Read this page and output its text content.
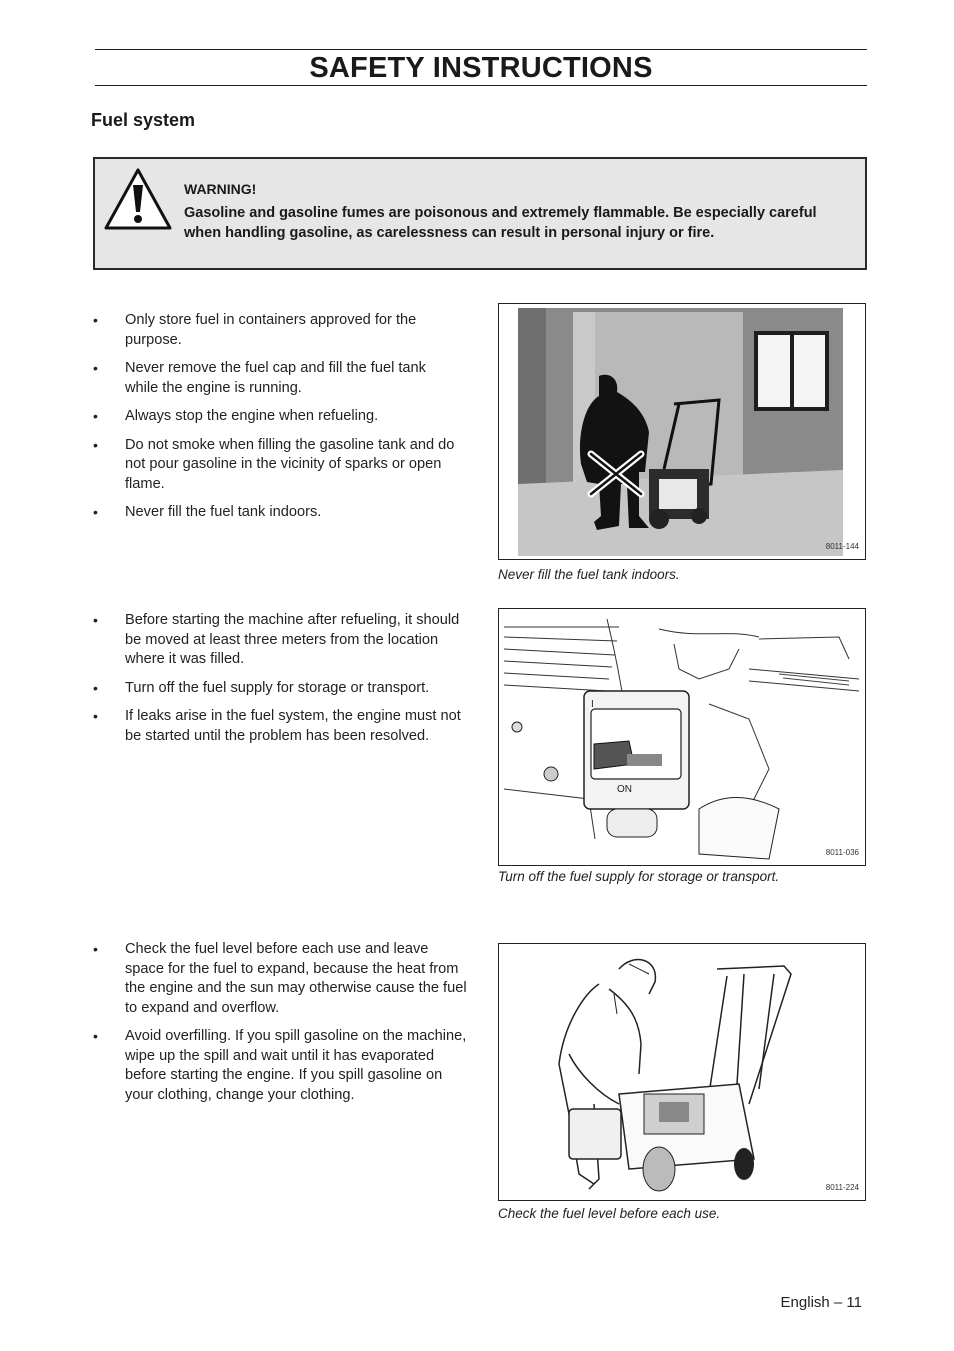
SAFETY INSTRUCTIONS
Fuel system
WARNING!
Gasoline and gasoline fumes are poisonous and extremely flammable. Be especially careful when handling gasoline, as carelessness can result in personal injury or fire.
• Only store fuel in containers approved for the purpose.
• Never remove the fuel cap and fill the fuel tank while the engine is running.
• Always stop the engine when refueling.
• Do not smoke when filling the gasoline tank and do not pour gasoline in the vicinity of sparks or open flame.
• Never fill the fuel tank indoors.
8011-144
Never fill the fuel tank indoors.
• Before starting the machine after refueling, it should be moved at least three meters from the location where it was filled.
• Turn off the fuel supply for storage or transport.
• If leaks arise in the fuel system, the engine must not be started until the problem has been resolved.
I
ON
8011-036
Turn off the fuel supply for storage or transport.
• Check the fuel level before each use and leave space for the fuel to expand, because the heat from the engine and the sun may otherwise cause the fuel to expand and overflow.
• Avoid overfilling. If you spill gasoline on the machine, wipe up the spill and wait until it has evaporated before starting the engine. If you spill gasoline on your clothing, change your clothing.
8011-224
Check the fuel level before each use.
English – 11
